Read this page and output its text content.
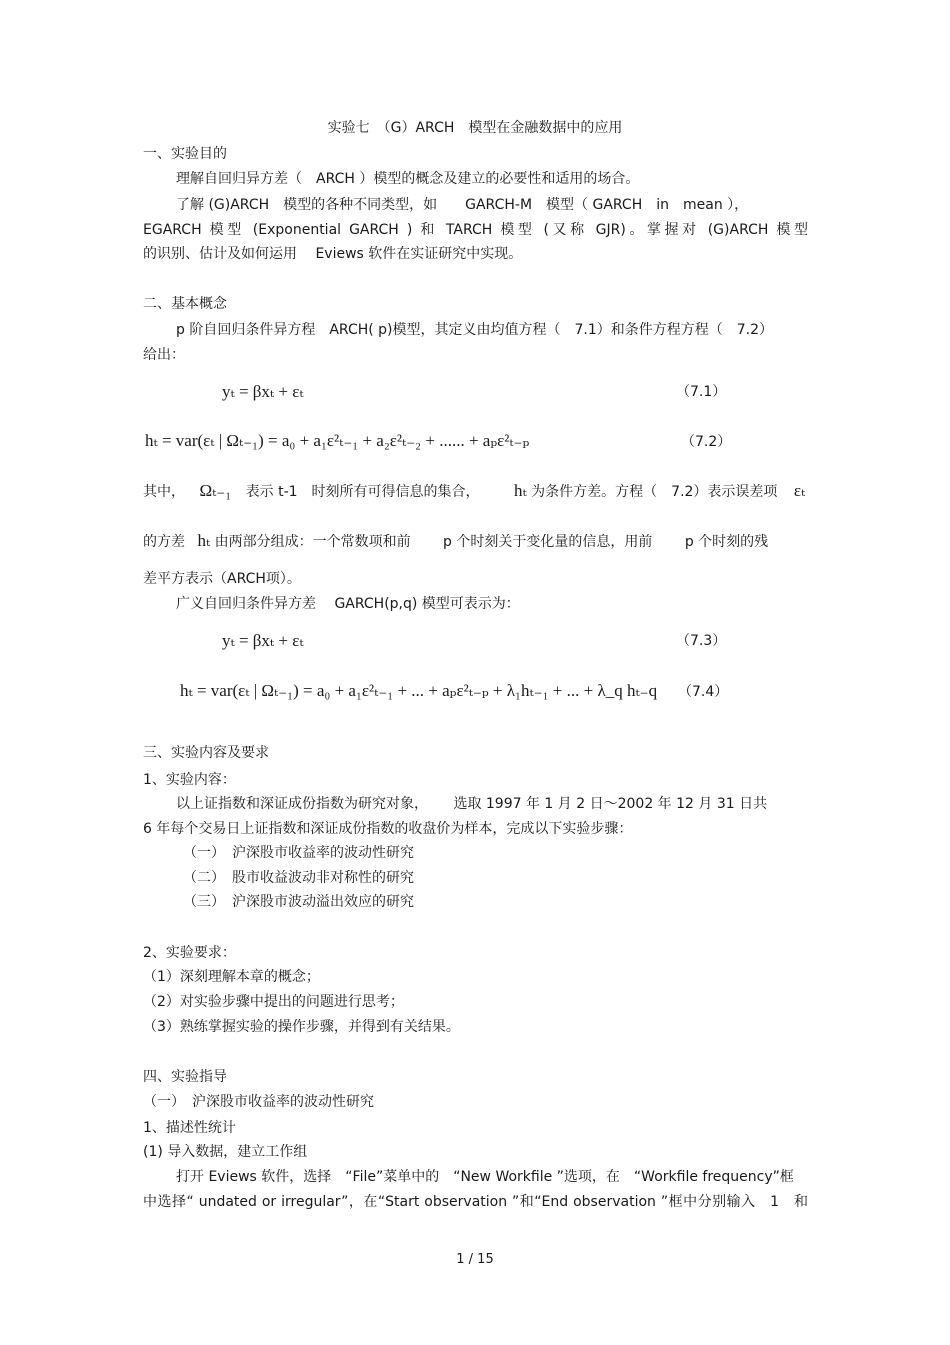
实验七　（G）ARCH　模型在金融数据中的应用
一、实验目的
理解自回归异方差（　ARCH ）模型的概念及建立的必要性和适用的场合。
了解 (G)ARCH　模型的各种不同类型，如　　GARCH-M　模型（ GARCH　in　mean ），
EGARCH 模型 (Exponential GARCH ) 和 TARCH 模型 (又称 GJR)。掌握对 (G)ARCH 模型
的识别、估计及如何运用　 Eviews 软件在实证研究中实现。
二、基本概念
p 阶自回归条件异方程　ARCH( p)模型，其定义由均值方程（　7.1）和条件方程方程（　7.2）
给出：
yₜ = βxₜ + εₜ	（7.1）
hₜ = var(εₜ | Ωₜ₋₁) = a₀ + a₁ε²ₜ₋₁ + a₂ε²ₜ₋₂ + ...... + aₚε²ₜ₋ₚ	（7.2）
其中， Ωₜ₋₁ 表示 t-1　时刻所有可得信息的集合， hₜ 为条件方差。方程（　7.2）表示误差项 εₜ
的方差 hₜ 由两部分组成：一个常数项和前　　 p 个时刻关于变化量的信息，用前　　 p 个时刻的残
差平方表示（ARCH项）。
广义自回归条件异方差　 GARCH(p,q) 模型可表示为：
yₜ = βxₜ + εₜ	（7.3）
hₜ = var(εₜ | Ωₜ₋₁) = a₀ + a₁ε²ₜ₋₁ + ... + aₚε²ₜ₋ₚ + λ₁hₜ₋₁ + ... + λ_q hₜ₋q （7.4）
三、实验内容及要求
1、实验内容：
以上证指数和深证成份指数为研究对象，　　 选取 1997 年 1 月 2 日～2002 年 12 月 31 日共
6 年每个交易日上证指数和深证成份指数的收盘价为样本，完成以下实验步骤：
（一）　沪深股市收益率的波动性研究
（二）　股市收益波动非对称性的研究
（三）　沪深股市波动溢出效应的研究
2、实验要求：
（1）深刻理解本章的概念；
（2）对实验步骤中提出的问题进行思考；
（3）熟练掌握实验的操作步骤，并得到有关结果。
四、实验指导
（一）　沪深股市收益率的波动性研究
1、描述性统计
(1) 导入数据，建立工作组
打开 Eviews 软件，选择　“File”菜单中的　“New Workfile ”选项，在　“Workfile frequency”框
中选择“ undated or irregular”，在“Start observation ”和“End observation ”框中分别输入　1　和
1 / 15
